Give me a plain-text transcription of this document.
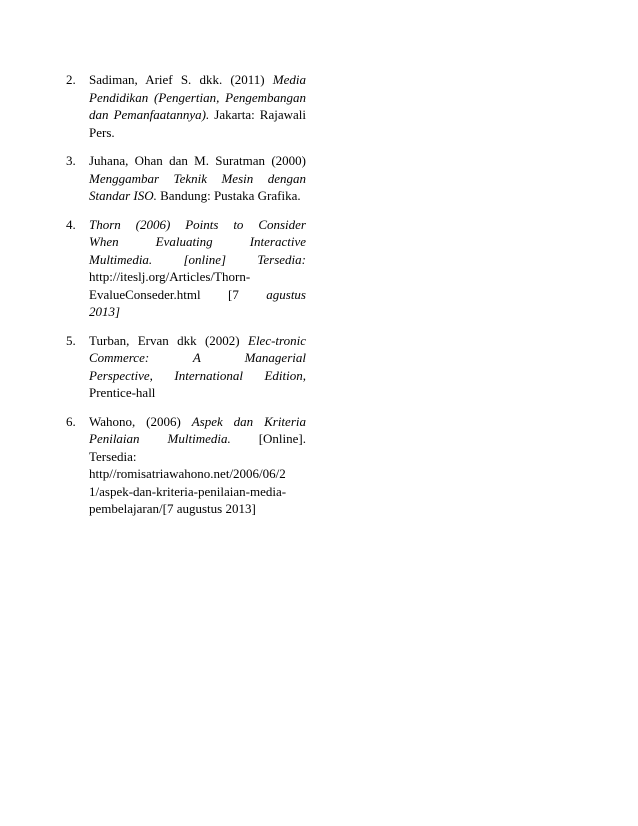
2. Sadiman, Arief S. dkk. (2011) Media
Pendidikan (Pengertian, Pengembangan
dan Pemanfaatannya). Jakarta: Rajawali
Pers.
3. Juhana, Ohan dan M. Suratman (2000)
Menggambar Teknik Mesin dengan
Standar ISO. Bandung: Pustaka Grafika.
4. Thorn (2006) Points to Consider
When Evaluating Interactive
Multimedia. [online] Tersedia:
http://iteslj.org/Articles/Thorn-
EvalueConseder.html [7 agustus
2013]
5. Turban, Ervan dkk (2002) Elec-tronic
Commerce: A Managerial
Perspective, International Edition,
Prentice-hall
6. Wahono, (2006) Aspek dan Kriteria
Penilaian Multimedia. [Online].
Tersedia:
http//romisatriawahono.net/2006/06/2
1/aspek-dan-kriteria-penilaian-media-
pembelajaran/[7 augustus 2013]
